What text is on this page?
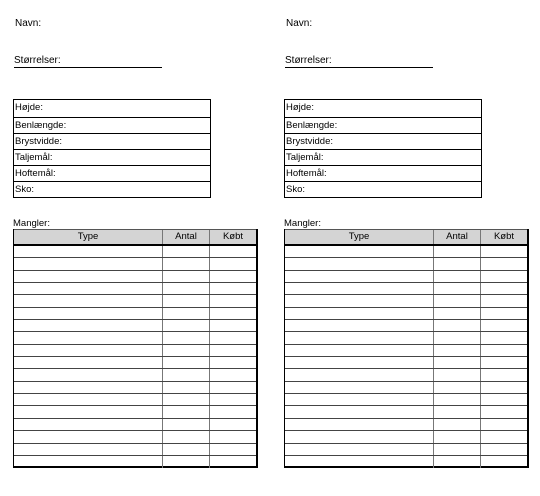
Navn:
Størrelser:
Højde:
Benlængde:
Brystvidde:
Taljemål:
Hoftemål:
Sko:
Mangler:
Type	Antal	Købt
Navn:
Størrelser:
Højde:
Benlængde:
Brystvidde:
Taljemål:
Hoftemål:
Sko:
Mangler:
Type	Antal	Købt
